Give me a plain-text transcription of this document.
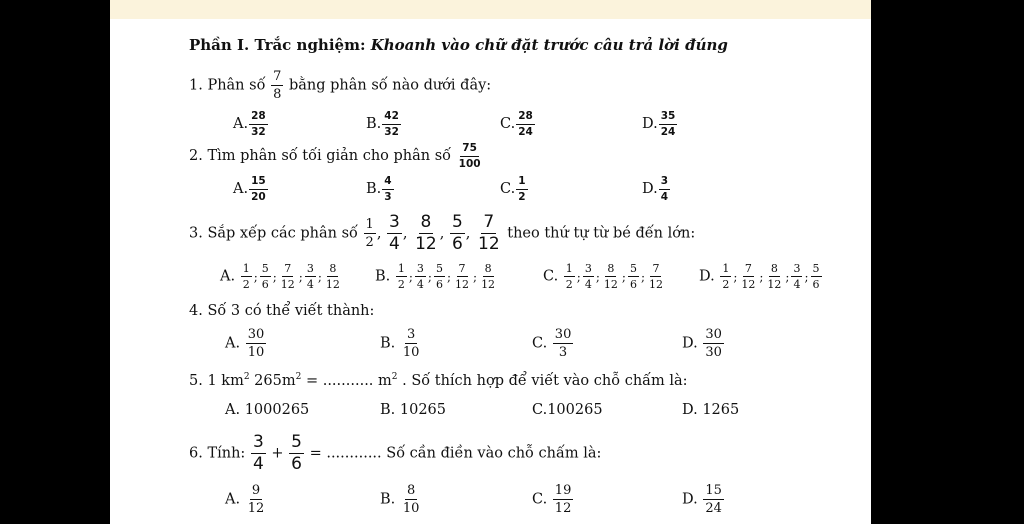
Phần I. Trắc nghiệm: Khoanh vào chữ đặt trước câu trả lời đúng
1. Phân số $\frac{7}{8}$ bằng phân số nào dưới đây:
A. $\frac{28}{32}$	B. $\frac{42}{32}$	C. $\frac{28}{24}$	D. $\frac{35}{24}$
2. Tìm phân số tối giản cho phân số $\frac{75}{100}$
A. $\frac{15}{20}$	B. $\frac{4}{3}$	C. $\frac{1}{2}$	D. $\frac{3}{4}$
3. Sắp xếp các phân số $\frac{1}{2}$ , $\frac{3}{4}$ , $\frac{8}{12}$ , $\frac{5}{6}$ , $\frac{7}{12}$ theo thứ tự từ bé đến lớn:
A. $\frac{1}{2}$ ; $\frac{5}{6}$ ; $\frac{7}{12}$ ; $\frac{3}{4}$ ; $\frac{8}{12} B$. $\frac{1}{2}$ ; $\frac{3}{4}$ ; $\frac{5}{6}$ ; $\frac{7}{12}$ ; $\frac{8}{12}$	C. $\frac{1}{2}$ ; $\frac{3}{4}$ ; $\frac{8}{12}$ ; $\frac{5}{6}$ ; $\frac{7}{12} D$. $\frac{1}{2}$ ; $\frac{7}{12}$ ; $\frac{8}{12}$ ; $\frac{3}{4}$ ; $\frac{5}{6}$
4. Số 3 có thể viết thành:
A. $\frac{30}{10}$	B. $\frac{3}{10}$	C. $\frac{30}{3}$	D. $\frac{30}{30}$
5. 1 $km^2$ $265m^2$ = ........... $m^2$ . Số thích hợp để viết vào chỗ chấm là:
A. 1000265	B. 10265	C.100265	D. 1265
6. Tính: $\frac{3}{4} + \frac{5}{6}$ = ............ Số cần điền vào chỗ chấm là:
A. $\frac{9}{12}$	B. $\frac{8}{10}$	C. $\frac{19}{12}$	D. $\frac{15}{24}$
